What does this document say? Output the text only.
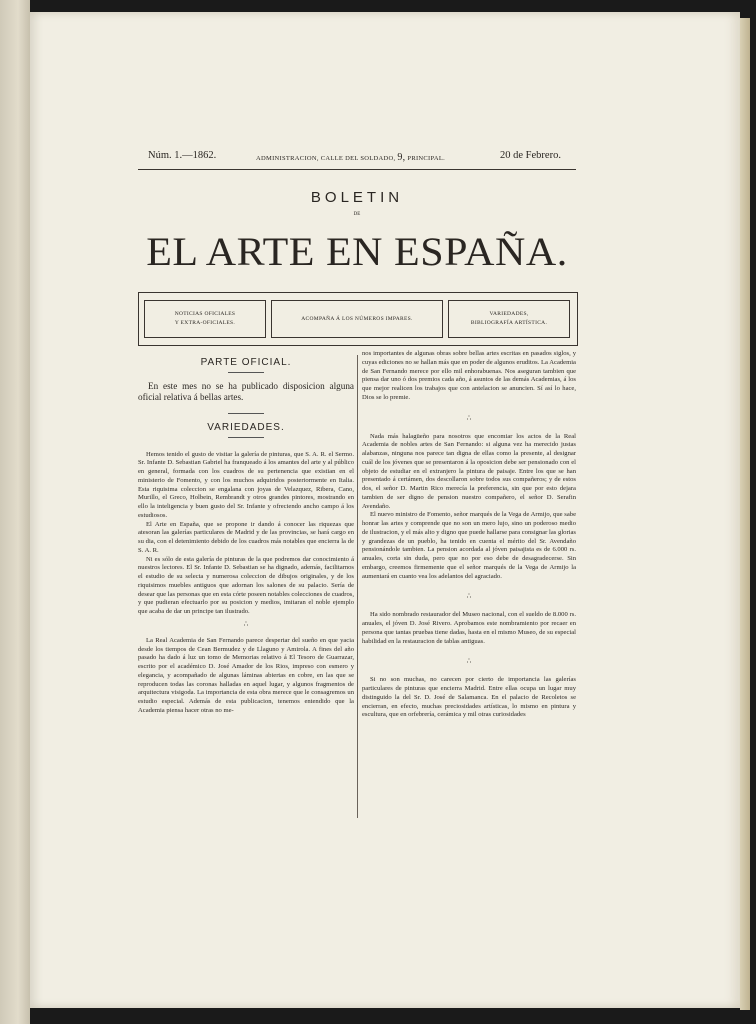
Núm. 1.—1862.	ADMINISTRACION, CALLE DEL SOLDADO, 9, PRINCIPAL.	20 de Febrero.
BOLETIN
DE
EL ARTE EN ESPAÑA.
NOTICIAS OFICIALES
Y EXTRA-OFICIALES.
ACOMPAÑA Á LOS NÚMEROS IMPARES.
VARIEDADES,
BIBLIOGRAFÍA ARTÍSTICA.
PARTE OFICIAL.

En este mes no se ha publicado disposicion alguna oficial relativa á bellas artes.

VARIEDADES.

Hemos tenido el gusto de visitar la galería de pinturas, que S. A. R. el Sermo. Sr. Infante D. Sebastian Gabriel ha franqueado á los amantes del arte y al público en general, formada con los cuadros de su pertenencia que existian en el ministerio de Fomento, y con los muchos adquiridos posteriormente en Italia. Esta riquisima coleccion se engalana con joyas de Velazquez, Ribera, Cano, Murillo, el Greco, Holbein, Rembrandt y otros grandes pintores, mostrando en ello la inteligencia y buen gusto del Sr. Infante y ofreciendo ancho campo á los estudiosos.

El Arte en España, que se propone ir dando á conocer las riquezas que atesoran las galerías particulares de Madrid y de las provincias, se hará cargo en su dia, con el detenimiento debido de los cuadros más notables que encierra la de S. A. R.

Ni es sólo de esta galería de pinturas de la que podremos dar conocimiento á nuestros lectores. El Sr. Infante D. Sebastian se ha dignado, además, facilitarnos el estudio de su selecta y numerosa coleccion de dibujos originales, y de los riquisimos muebles antiguos que adornan los salones de su palacio. Sería de desear que las personas que en esta córte poseen notables colecciones de cuadros, y que pudieran efectuarlo por su posicion y medios, imitaran el noble ejemplo que acaba de dar un principe tan ilustrado.

∴

La Real Academia de San Fernando parece despertar del sueño en que yacia desde los tiempos de Cean Bermudez y de Llaguno y Amirola. A fines del año pasado ha dado á luz un tomo de Memorias relativo á El Tesoro de Guarrazar, escrito por el académico D. José Amador de los Rios, impreso con esmero y elegancia, y acompañado de algunas láminas abiertas en cobre, en las que se reproducen todas las coronas halladas en aquel lugar, y algunos fragmentos de arquitectura visigoda. La importancia de esta obra merece que le consagremos un estudio especial. Además de esta publicacion, tenemos entendido que la Academia piensa hacer otras no me-

nos importantes de algunas obras sobre bellas artes escritas en pasados siglos, y cuyas ediciones no se hallan más que en poder de algunos eruditos. La Academia de San Fernando merece por ello mil enhorabuenas. Nos aseguran tambien que piensa dar uno ó dos premios cada año, á asuntos de las demás Academias, á los que mejor realicen los trabajos que con antelacion se anuncien. Sí así lo hace, Dios se lo premie.

∴

Nada más halagüeño para nosotros que encomiar los actos de la Real Academia de nobles artes de San Fernando: si alguna vez ha merecido justas alabanzas, ninguna nos parece tan digna de ellas como la presente, al designar cuál de los jóvenes que se presentaron á la oposicion debe ser pensionado con el objeto de estudiar en el extranjero la pintura de paisaje. Entre los que se han presentado á certámen, dos descollaron sobre todos sus compañeros; y de estos dos, el señor D. Martin Rico merecía la preferencia, sin que por esto dejara tambien de ser digno de pension nuestro compañero, el señor D. Serafin Avendaño.

El nuevo ministro de Fomento, señor marqués de la Vega de Armijo, que sabe honrar las artes y comprende que no son un mero lujo, sino un poderoso medio de ilustracion, y el más alto y digno que puede hallarse para consignar las glorias y grandezas de un pueblo, ha tenido en cuenta el mérito del Sr. Avendaño pensionándole tambien. La pension acordada al jóven paisajista es de 6.000 rs. anuales, corta sin duda, pero que no por eso debe de desagradecerse. Sin embargo, creemos firmemente que el señor marqués de la Vega de Armijo la aumentará en cuanto vea los adelantos del agraciado.

∴

Ha sido nombrado restaurador del Museo nacional, con el sueldo de 8.000 rs. anuales, el jóven D. José Rivero. Aprobamos este nombramiento por recaer en persona que tantas pruebas tiene dadas, hasta en el mismo Museo, de su especial habilidad en la restauracion de tablas antiguas.

∴

Si no son muchas, no carecen por cierto de importancia las galerías particulares de pinturas que encierra Madrid. Entre ellas ocupa un lugar muy distinguido la del Sr. D. José de Salamanca. En el palacio de Recoletos se encierran, en efecto, muchas preciosidades artísticas, lo mismo en pintura y escultura, que en orfebrería, cerámica y mil otras curiosidades
